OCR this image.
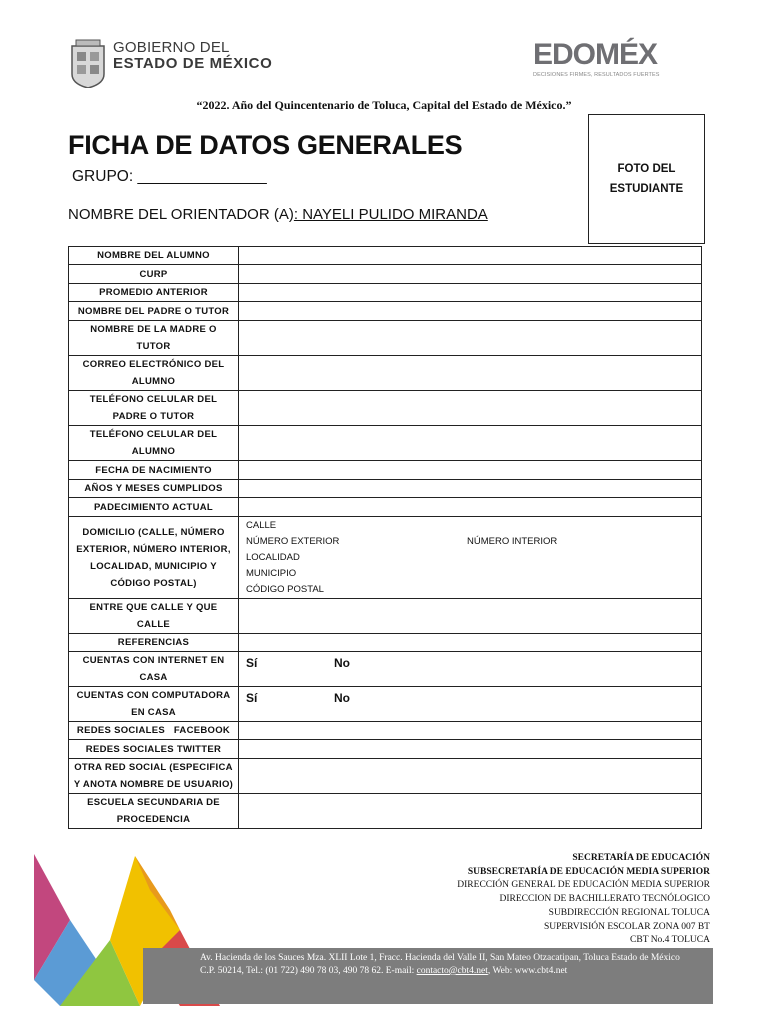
GOBIERNO DEL
ESTADO DE MÉXICO	EDOMÉX
DECISIONES FIRMES, RESULTADOS FUERTES
“2022. Año del Quincentenario de Toluca, Capital del Estado de México.”
FICHA DE DATOS GENERALES
GRUPO: _______________
NOMBRE DEL ORIENTADOR (A): NAYELI PULIDO MIRANDA
FOTO DEL
ESTUDIANTE
NOMBRE DEL ALUMNO	
CURP	
PROMEDIO ANTERIOR	
NOMBRE DEL PADRE O TUTOR	
NOMBRE DE LA MADRE O TUTOR	
CORREO ELECTRÓNICO DEL ALUMNO	
TELÉFONO CELULAR DEL PADRE O TUTOR	
TELÉFONO CELULAR DEL ALUMNO	
FECHA DE NACIMIENTO	
AÑOS Y MESES CUMPLIDOS	
PADECIMIENTO ACTUAL	
DOMICILIO (CALLE, NÚMERO EXTERIOR, NÚMERO INTERIOR, LOCALIDAD, MUNICIPIO Y CÓDIGO POSTAL)	CALLE
NÚMERO EXTERIOR NÚMERO INTERIOR
LOCALIDAD
MUNICIPIO
CÓDIGO POSTAL

ENTRE QUE CALLE Y QUE CALLE	
REFERENCIAS	
CUENTAS CON INTERNET EN CASA	Sí No
CUENTAS CON COMPUTADORA EN CASA	Sí No
REDES SOCIALES   FACEBOOK	
REDES SOCIALES TWITTER	
OTRA RED SOCIAL (ESPECIFICA Y ANOTA NOMBRE DE USUARIO)	
ESCUELA SECUNDARIA DE PROCEDENCIA	
SECRETARÍA DE EDUCACIÓN
SUBSECRETARÍA DE EDUCACIÓN MEDIA SUPERIOR
DIRECCIÓN GENERAL DE EDUCACIÓN MEDIA SUPERIOR
DIRECCION DE BACHILLERATO TECNÓLOGICO
SUBDIRECCIÓN REGIONAL TOLUCA
SUPERVISIÓN ESCOLAR ZONA 007 BT
CBT No.4 TOLUCA
Av. Hacienda de los Sauces Mza. XLII Lote 1, Fracc. Hacienda del Valle II, San Mateo Otzacatipan, Toluca Estado de México
C.P. 50214, Tel.: (01 722) 490 78 03, 490 78 62. E-mail: contacto@cbt4.net, Web: www.cbt4.net
